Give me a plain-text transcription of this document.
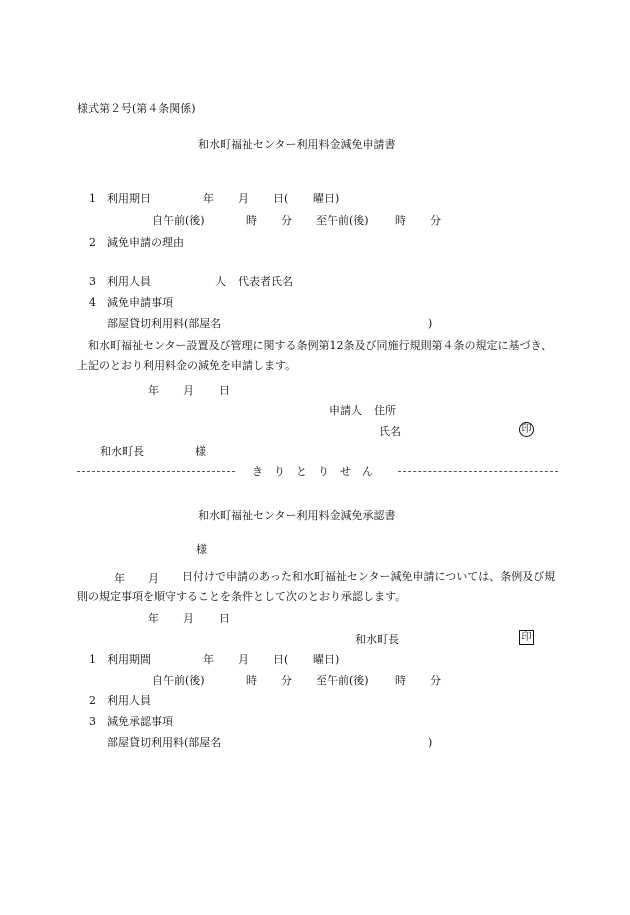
様式第２号(第４条関係)
和水町福祉センター利用料金減免申請書
1 利用期日	年 月 日( 曜日)
自午前(後)	時 分 至午前(後) 時 分
2 減免申請の理由
3 利用人員	人 代表者氏名
4 減免申請事項
部屋貸切利用料(部屋名	)
和水町福祉センター設置及び管理に関する条例第12条及び同施行規則第４条の規定に基づき、上記のとおり利用料金の減免を申請します。
年 月 日
申請人 住所
氏名	印
和水町長	様
き　り　と　り　せ　ん
和水町福祉センター利用料金減免承認書
様
年 月	日付けで申請のあった和水町福祉センター減免申請については、条例及び規則の規定事項を順守することを条件として次のとおり承認します。
年 月 日
和水町長	印
1 利用期間	年 月 日( 曜日)
自午前(後)	時 分 至午前(後) 時 分
2 利用人員
3 減免承認事項
部屋貸切利用料(部屋名	)
